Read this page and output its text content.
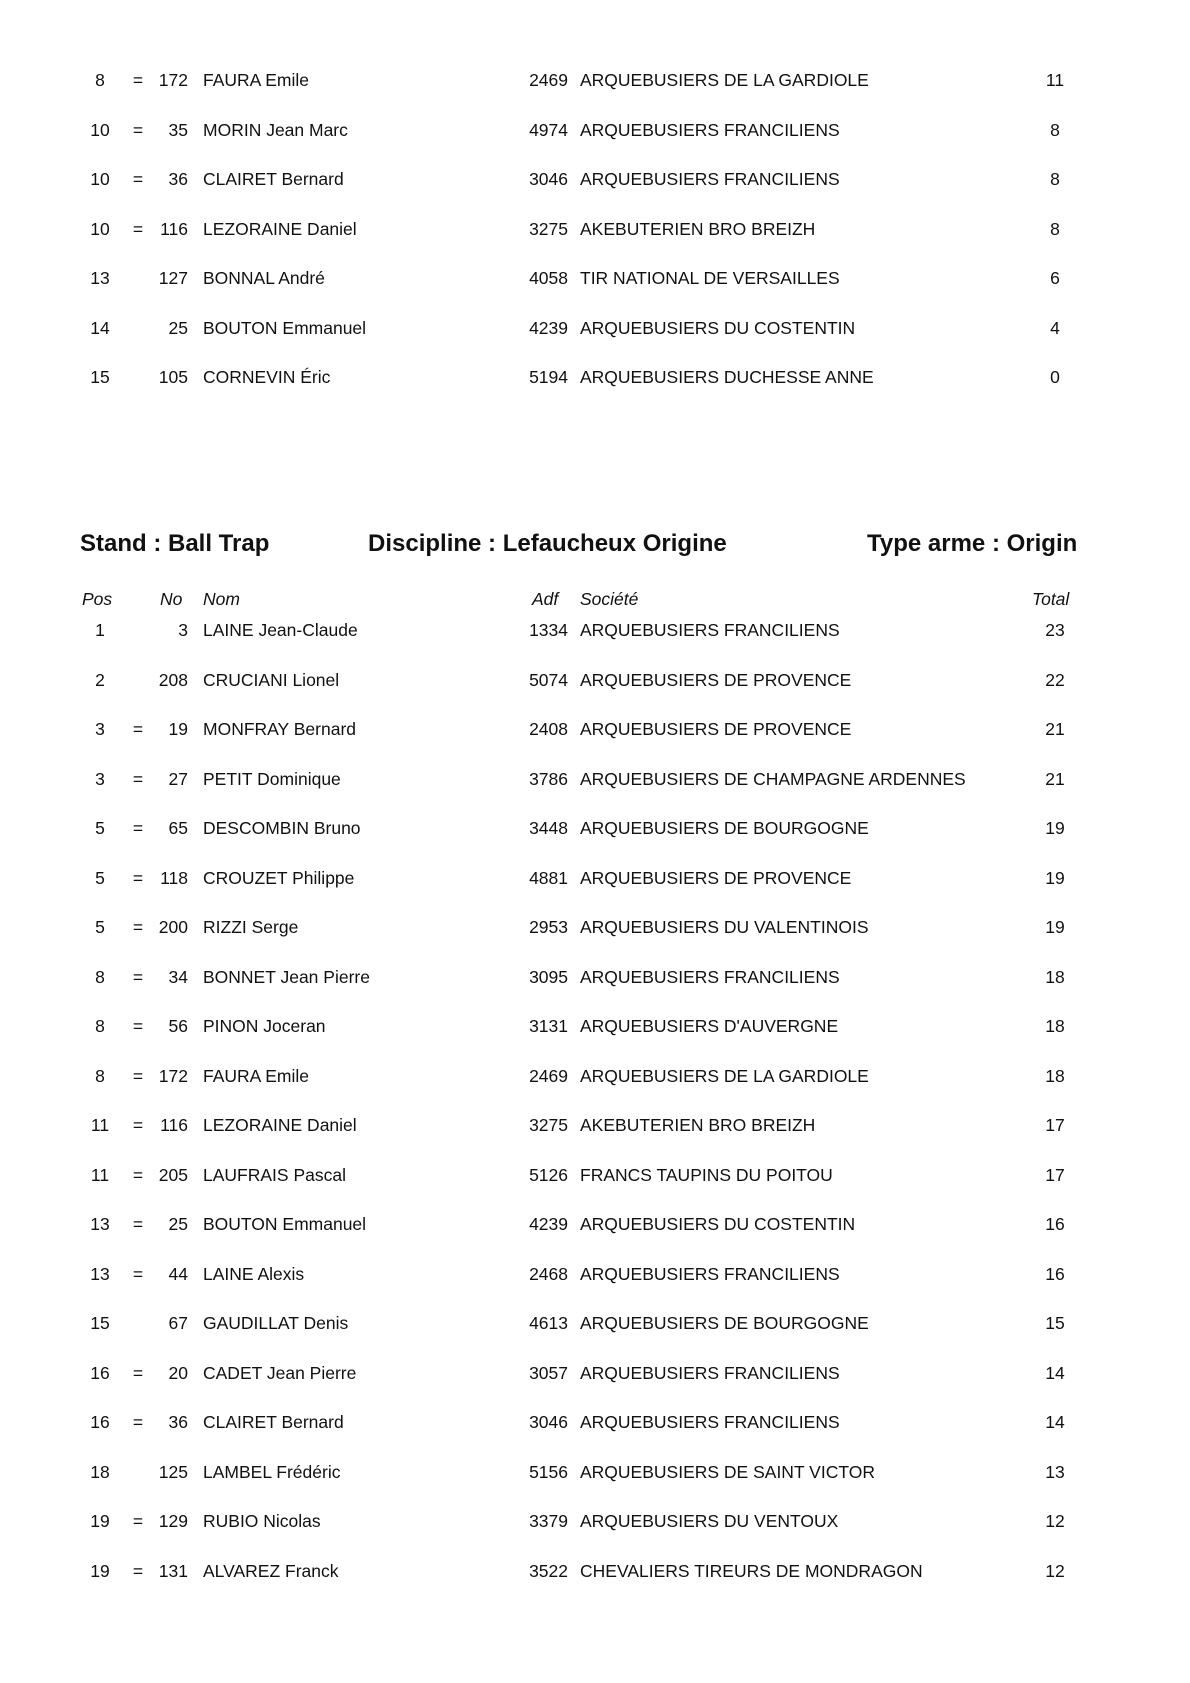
8	= 172 FAURA Emile	2469 ARQUEBUSIERS DE LA GARDIOLE	11
10	= 35 MORIN Jean Marc	4974 ARQUEBUSIERS FRANCILIENS	8
10	= 36 CLAIRET Bernard	3046 ARQUEBUSIERS FRANCILIENS	8
10	= 116 LEZORAINE Daniel	3275 AKEBUTERIEN BRO BREIZH	8
13	127 BONNAL André	4058 TIR NATIONAL DE VERSAILLES	6
14	25 BOUTON Emmanuel	4239 ARQUEBUSIERS DU COSTENTIN	4
15	105 CORNEVIN Éric	5194 ARQUEBUSIERS DUCHESSE ANNE	0
Stand : Ball Trap	Discipline : Lefaucheux Origine	Type arme : Origin
Pos	No Nom	Adf Société	Total
1	3 LAINE Jean-Claude	1334 ARQUEBUSIERS FRANCILIENS	23
2	208 CRUCIANI Lionel	5074 ARQUEBUSIERS DE PROVENCE	22
3	= 19 MONFRAY Bernard	2408 ARQUEBUSIERS DE PROVENCE	21
3	= 27 PETIT Dominique	3786 ARQUEBUSIERS DE CHAMPAGNE ARDENNES	21
5	= 65 DESCOMBIN Bruno	3448 ARQUEBUSIERS DE BOURGOGNE	19
5	= 118 CROUZET Philippe	4881 ARQUEBUSIERS DE PROVENCE	19
5	= 200 RIZZI Serge	2953 ARQUEBUSIERS DU VALENTINOIS	19
8	= 34 BONNET Jean Pierre	3095 ARQUEBUSIERS FRANCILIENS	18
8	= 56 PINON Joceran	3131 ARQUEBUSIERS D'AUVERGNE	18
8	= 172 FAURA Emile	2469 ARQUEBUSIERS DE LA GARDIOLE	18
11	= 116 LEZORAINE Daniel	3275 AKEBUTERIEN BRO BREIZH	17
11	= 205 LAUFRAIS Pascal	5126 FRANCS TAUPINS DU POITOU	17
13	= 25 BOUTON Emmanuel	4239 ARQUEBUSIERS DU COSTENTIN	16
13	= 44 LAINE Alexis	2468 ARQUEBUSIERS FRANCILIENS	16
15	67 GAUDILLAT Denis	4613 ARQUEBUSIERS DE BOURGOGNE	15
16	= 20 CADET Jean Pierre	3057 ARQUEBUSIERS FRANCILIENS	14
16	= 36 CLAIRET Bernard	3046 ARQUEBUSIERS FRANCILIENS	14
18	125 LAMBEL Frédéric	5156 ARQUEBUSIERS DE SAINT VICTOR	13
19	= 129 RUBIO Nicolas	3379 ARQUEBUSIERS DU VENTOUX	12
19	= 131 ALVAREZ Franck	3522 CHEVALIERS TIREURS DE MONDRAGON	12
